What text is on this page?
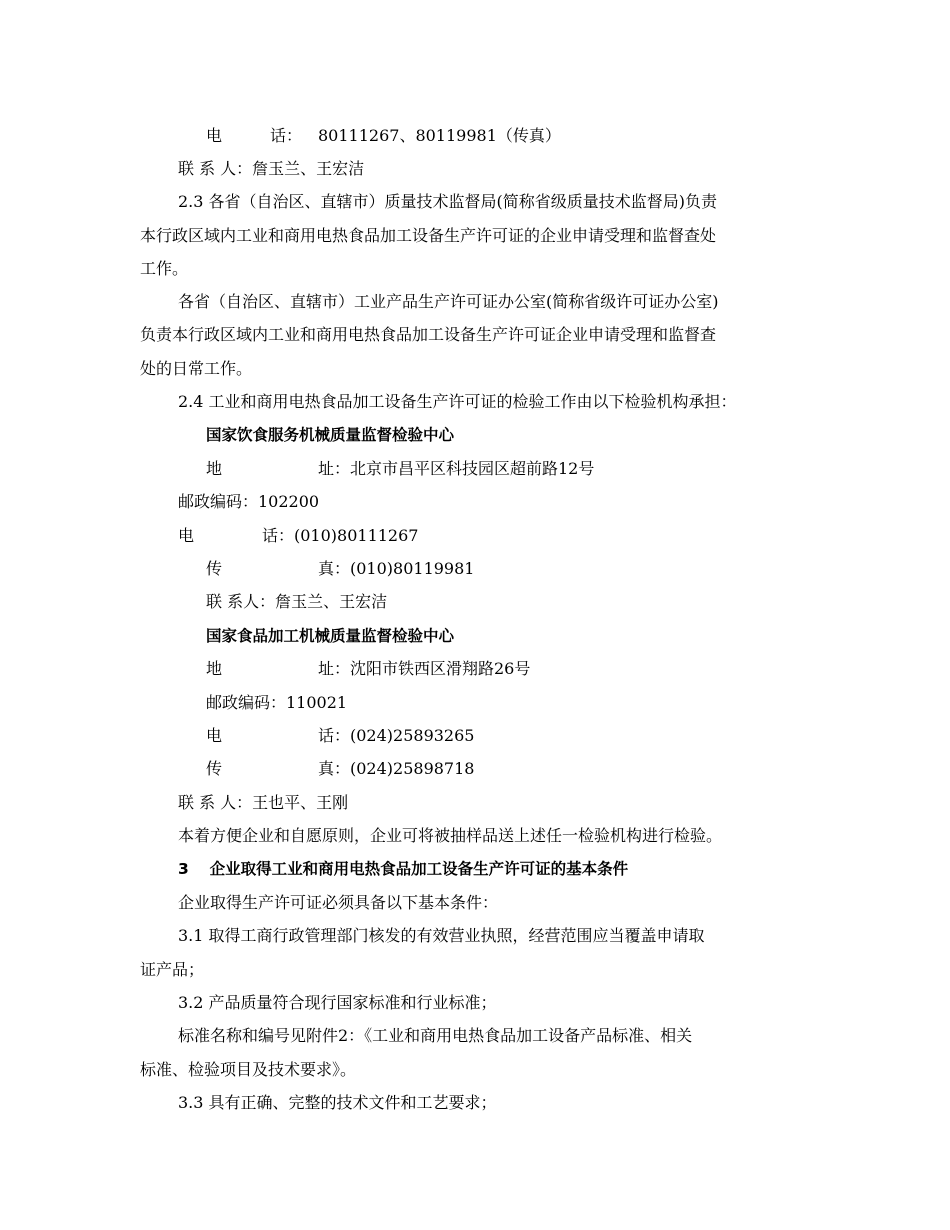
电　　　话： 80111267、80119981（传真）
联 系 人：詹玉兰、王宏洁
2.3 各省（自治区、直辖市）质量技术监督局(简称省级质量技术监督局)负责
本行政区域内工业和商用电热食品加工设备生产许可证的企业申请受理和监督查处
工作。
各省（自治区、直辖市）工业产品生产许可证办公室(简称省级许可证办公室)
负责本行政区域内工业和商用电热食品加工设备生产许可证企业申请受理和监督查
处的日常工作。
2.4 工业和商用电热食品加工设备生产许可证的检验工作由以下检验机构承担：
国家饮食服务机械质量监督检验中心
地	址：北京市昌平区科技园区超前路12号
邮政编码：102200
电	话：(010)80111267
传	真：(010)80119981
联 系人：詹玉兰、王宏洁
国家食品加工机械质量监督检验中心
地	址：沈阳市铁西区滑翔路26号
邮政编码：110021
电	话：(024)25893265
传	真：(024)25898718
联 系 人：王也平、王刚
本着方便企业和自愿原则，企业可将被抽样品送上述任一检验机构进行检验。
3　 企业取得工业和商用电热食品加工设备生产许可证的基本条件
企业取得生产许可证必须具备以下基本条件：
3.1 取得工商行政管理部门核发的有效营业执照，经营范围应当覆盖申请取
证产品；
3.2 产品质量符合现行国家标准和行业标准；
标准名称和编号见附件2：《工业和商用电热食品加工设备产品标准、相关
标准、检验项目及技术要求》。
3.3 具有正确、完整的技术文件和工艺要求；
